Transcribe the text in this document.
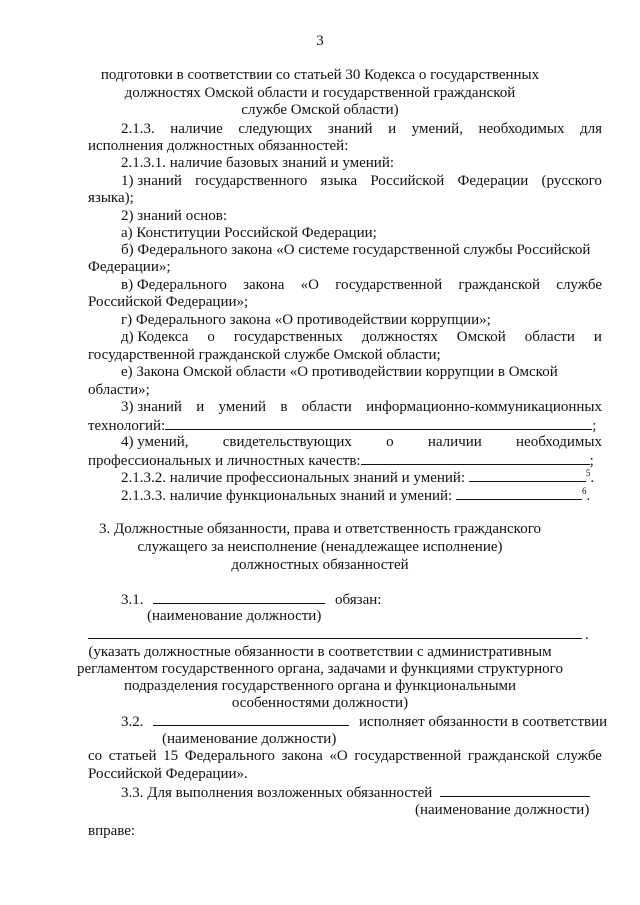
3
подготовки в соответствии со статьей 30 Кодекса о государственных
должностях Омской области и государственной гражданской
службе Омской области)
2.1.3. наличие следующих знаний и умений, необходимых для
исполнения должностных обязанностей:
2.1.3.1. наличие базовых знаний и умений:
1) знаний государственного языка Российской Федерации (русского
языка);
2) знаний основ:
а) Конституции Российской Федерации;
б) Федерального закона «О системе государственной службы Российской
Федерации»;
в) Федерального закона «О государственной гражданской службе
Российской Федерации»;
г) Федерального закона «О противодействии коррупции»;
д) Кодекса о государственных должностях Омской области и
государственной гражданской службе Омской области;
е) Закона Омской области «О противодействии коррупции в Омской
области»;
3) знаний и умений в области информационно-коммуникационных
технологий:	;
4) умений, свидетельствующих о наличии необходимых
профессиональных и личностных качеств:	;
2.1.3.2. наличие профессиональных знаний и умений:	$^5$.
2.1.3.3. наличие функциональных знаний и умений:	$^6$.
3. Должностные обязанности, права и ответственность гражданского
служащего за неисполнение (ненадлежащее исполнение)
должностных обязанностей
3.1.	обязан:
(наименование должности)
.
(указать должностные обязанности в соответствии с административным
регламентом государственного органа, задачами и функциями структурного
подразделения государственного органа и функциональными
особенностями должности)
3.2.	исполняет обязанности в соответствии
(наименование должности)
со статьей 15 Федерального закона «О государственной гражданской службе
Российской Федерации».
3.3. Для выполнения возложенных обязанностей
(наименование должности)
вправе:
